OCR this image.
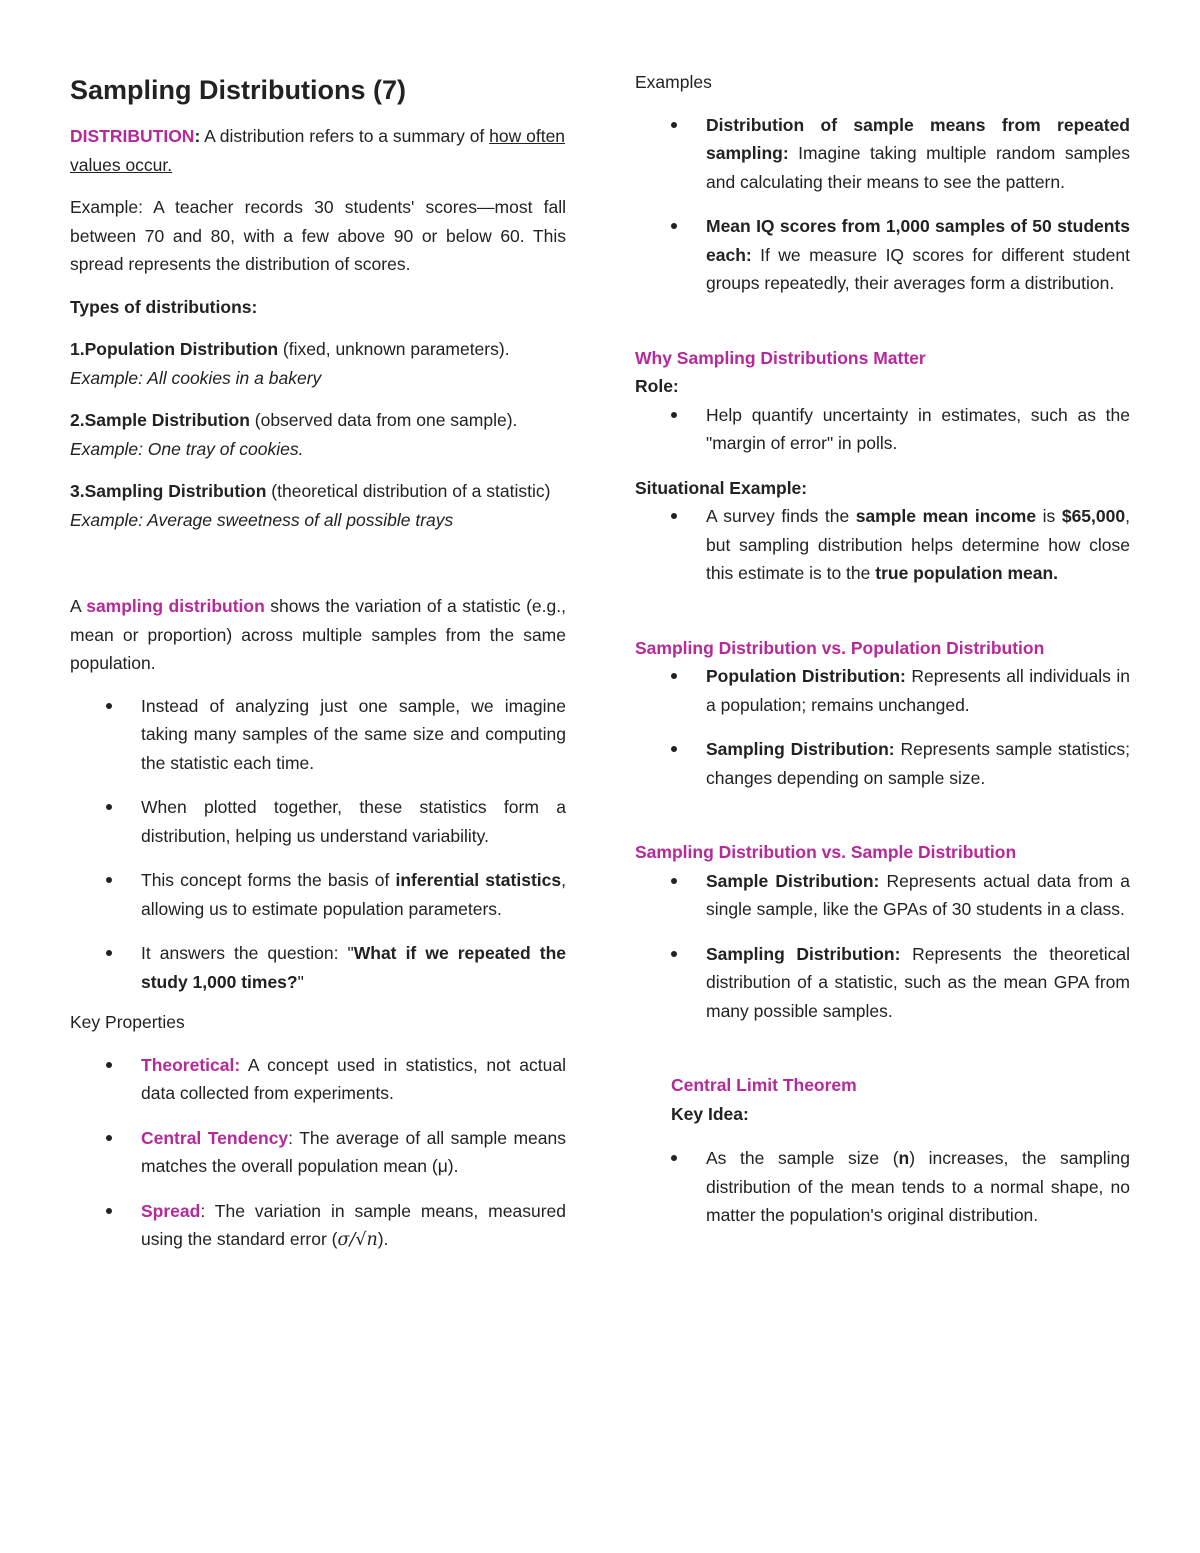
Sampling Distributions (7)
DISTRIBUTION: A distribution refers to a summary of how often values occur.
Example: A teacher records 30 students' scores—most fall between 70 and 80, with a few above 90 or below 60. This spread represents the distribution of scores.
Types of distributions:
1.Population Distribution (fixed, unknown parameters).
Example: All cookies in a bakery
2.Sample Distribution (observed data from one sample).
Example: One tray of cookies.
3.Sampling Distribution (theoretical distribution of a statistic)
Example: Average sweetness of all possible trays
A sampling distribution shows the variation of a statistic (e.g., mean or proportion) across multiple samples from the same population.
Instead of analyzing just one sample, we imagine taking many samples of the same size and computing the statistic each time.
When plotted together, these statistics form a distribution, helping us understand variability.
This concept forms the basis of inferential statistics, allowing us to estimate population parameters.
It answers the question: "What if we repeated the study 1,000 times?"
Key Properties
Theoretical: A concept used in statistics, not actual data collected from experiments.
Central Tendency: The average of all sample means matches the overall population mean (μ).
Spread: The variation in sample means, measured using the standard error (σ/√n).
Examples
Distribution of sample means from repeated sampling: Imagine taking multiple random samples and calculating their means to see the pattern.
Mean IQ scores from 1,000 samples of 50 students each: If we measure IQ scores for different student groups repeatedly, their averages form a distribution.
Why Sampling Distributions Matter
Role:
Help quantify uncertainty in estimates, such as the "margin of error" in polls.
Situational Example:
A survey finds the sample mean income is $65,000, but sampling distribution helps determine how close this estimate is to the true population mean.
Sampling Distribution vs. Population Distribution
Population Distribution: Represents all individuals in a population; remains unchanged.
Sampling Distribution: Represents sample statistics; changes depending on sample size.
Sampling Distribution vs. Sample Distribution
Sample Distribution: Represents actual data from a single sample, like the GPAs of 30 students in a class.
Sampling Distribution: Represents the theoretical distribution of a statistic, such as the mean GPA from many possible samples.
Central Limit Theorem
Key Idea:
As the sample size (n) increases, the sampling distribution of the mean tends to a normal shape, no matter the population's original distribution.
